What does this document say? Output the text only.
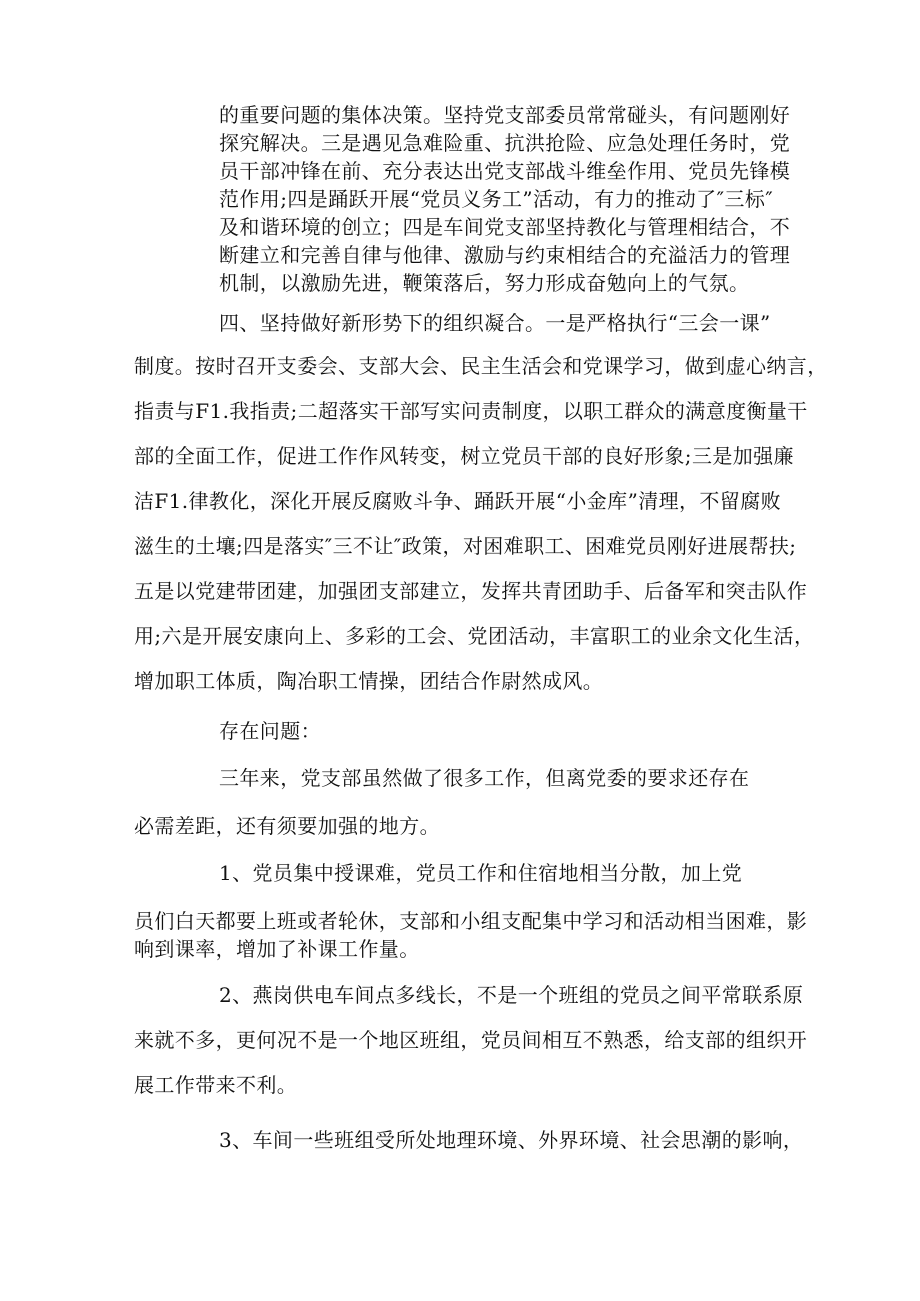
的重要问题的集体决策。坚持党支部委员常常碰头，有问题刚好
探究解决。三是遇见急难险重、抗洪抢险、应急处理任务时，党
员干部冲锋在前、充分表达出党支部战斗维垒作用、党员先锋模
范作用;四是踊跃开展“党员义务工”活动，有力的推动了″三标″
及和谐环境的创立；四是车间党支部坚持教化与管理相结合，不
断建立和完善自律与他律、激励与约束相结合的充溢活力的管理
机制，以激励先进，鞭策落后，努力形成奋勉向上的气氛。
四、坚持做好新形势下的组织凝合。一是严格执行“三会一课”
制度。按时召开支委会、支部大会、民主生活会和党课学习，做到虚心纳言，
指责与F1.我指责;二超落实干部写实问责制度，以职工群众的满意度衡量干
部的全面工作，促进工作作风转变，树立党员干部的良好形象;三是加强廉
洁F1.律教化，深化开展反腐败斗争、踊跃开展“小金库”清理，不留腐败
滋生的土壤;四是落实″三不让″政策，对困难职工、困难党员刚好进展帮扶;
五是以党建带团建，加强团支部建立，发挥共青团助手、后备军和突击队作
用;六是开展安康向上、多彩的工会、党团活动，丰富职工的业余文化生活，
增加职工体质，陶冶职工情操，团结合作尉然成风。
存在问题：
三年来，党支部虽然做了很多工作，但离党委的要求还存在
必需差距，还有须要加强的地方。
1、党员集中授课难，党员工作和住宿地相当分散，加上党
员们白天都要上班或者轮休，支部和小组支配集中学习和活动相当困难，影
响到课率，增加了补课工作量。
2、燕岗供电车间点多线长，不是一个班组的党员之间平常联系原
来就不多，更何况不是一个地区班组，党员间相互不熟悉，给支部的组织开
展工作带来不利。
3、车间一些班组受所处地理环境、外界环境、社会思潮的影响，
